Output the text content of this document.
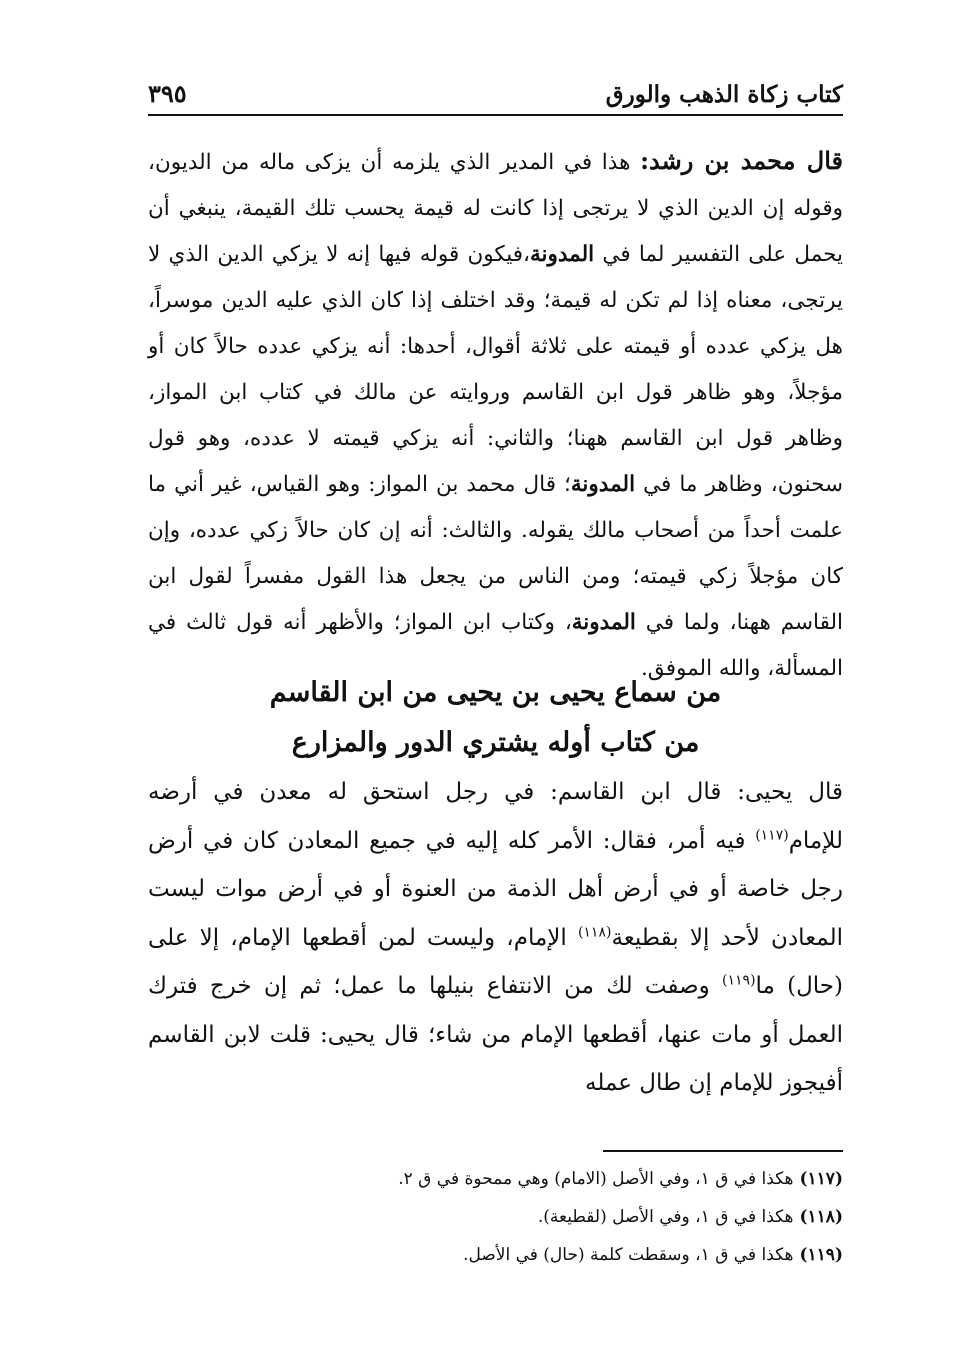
كتاب زكاة الذهب والورق
٣٩٥
قال محمد بن رشد: هذا في المدير الذي يلزمه أن يزكى ماله من الديون، وقوله إن الدين الذي لا يرتجى إذا كانت له قيمة يحسب تلك القيمة، ينبغي أن يحمل على التفسير لما في المدونة،فيكون قوله فيها إنه لا يزكي الدين الذي لا يرتجى، معناه إذا لم تكن له قيمة؛ وقد اختلف إذا كان الذي عليه الدين موسراً، هل يزكي عدده أو قيمته على ثلاثة أقوال، أحدها: أنه يزكي عدده حالاً كان أو مؤجلاً، وهو ظاهر قول ابن القاسم وروايته عن مالك في كتاب ابن المواز، وظاهر قول ابن القاسم ههنا؛ والثاني: أنه يزكي قيمته لا عدده، وهو قول سحنون، وظاهر ما في المدونة؛ قال محمد بن المواز: وهو القياس، غير أني ما علمت أحداً من أصحاب مالك يقوله. والثالث: أنه إن كان حالاً زكي عدده، وإن كان مؤجلاً زكي قيمته؛ ومن الناس من يجعل هذا القول مفسراً لقول ابن القاسم ههنا، ولما في المدونة، وكتاب ابن المواز؛ والأظهر أنه قول ثالث في المسألة، والله الموفق.
من سماع يحيى بن يحيى من ابن القاسم
من كتاب أوله يشتري الدور والمزارع
قال يحيى: قال ابن القاسم: في رجل استحق له معدن في أرضه للإمام$^{(١١٧)}$ فيه أمر، فقال: الأمر كله إليه في جميع المعادن كان في أرض رجل خاصة أو في أرض أهل الذمة من العنوة أو في أرض موات ليست المعادن لأحد إلا بقطيعة$^{(١١٨)}$ الإمام، وليست لمن أقطعها الإمام، إلا على (حال) ما$^{(١١٩)}$ وصفت لك من الانتفاع بنيلها ما عمل؛ ثم إن خرج فترك العمل أو مات عنها، أقطعها الإمام من شاء؛ قال يحيى: قلت لابن القاسم أفيجوز للإمام إن طال عمله
(١١٧)هكذا في ق ١، وفي الأصل (الامام) وهي ممحوة في ق ٢.
(١١٨)هكذا في ق ١، وفي الأصل (لقطيعة).
(١١٩)هكذا في ق ١، وسقطت كلمة (حال) في الأصل.
